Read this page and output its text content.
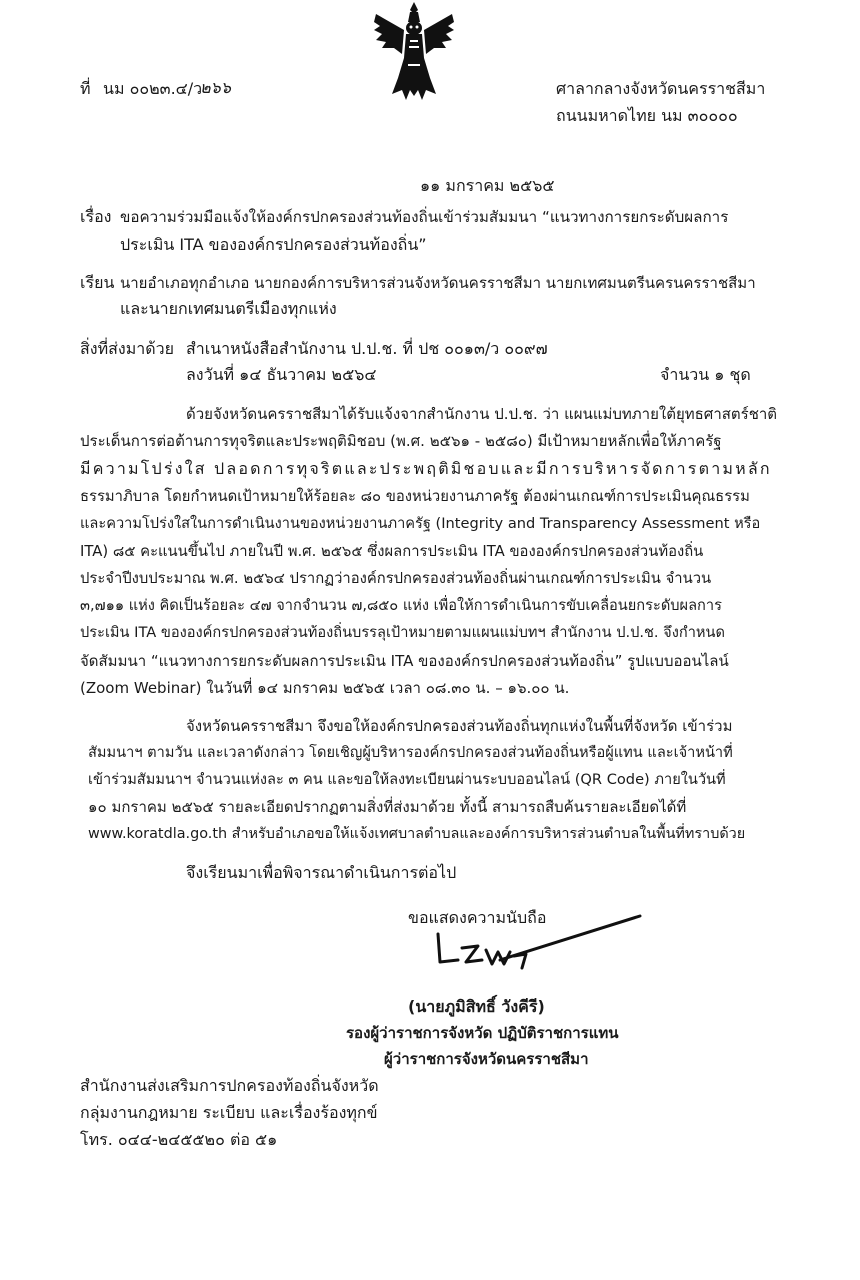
ที่ นม ๐๐๒๓.๔/ว
๒๖๖	ศาลากลางจังหวัดนครราชสีมา
ถนนมหาดไทย นม ๓๐๐๐๐
๑๑ มกราคม ๒๕๖๕
เรื่อง ขอความร่วมมือแจ้งให้องค์กรปกครองส่วนท้องถิ่นเข้าร่วมสัมมนา “แนวทางการยกระดับผลการ
ประเมิน ITA ขององค์กรปกครองส่วนท้องถิ่น”
เรียน นายอำเภอทุกอำเภอ นายกองค์การบริหารส่วนจังหวัดนครราชสีมา นายกเทศมนตรีนครนครราชสีมา
และนายกเทศมนตรีเมืองทุกแห่ง
สิ่งที่ส่งมาด้วย สำเนาหนังสือสำนักงาน ป.ป.ช. ที่ ปช ๐๐๑๓/ว ๐๐๙๗
ลงวันที่ ๑๔ ธันวาคม ๒๕๖๔	จำนวน ๑ ชุด
ด้วยจังหวัดนครราชสีมาได้รับแจ้งจากสำนักงาน ป.ป.ช. ว่า แผนแม่บทภายใต้ยุทธศาสตร์ชาติ
ประเด็นการต่อต้านการทุจริตและประพฤติมิชอบ (พ.ศ. ๒๕๖๑ - ๒๕๘๐) มีเป้าหมายหลักเพื่อให้ภาครัฐ
มีความโปร่งใส ปลอดการทุจริตและประพฤติมิชอบและมีการบริหารจัดการตามหลัก
ธรรมาภิบาล โดยกำหนดเป้าหมายให้ร้อยละ ๘๐ ของหน่วยงานภาครัฐ ต้องผ่านเกณฑ์การประเมินคุณธรรม
และความโปร่งใสในการดำเนินงานของหน่วยงานภาครัฐ (Integrity and Transparency Assessment หรือ
ITA) ๘๕ คะแนนขึ้นไป ภายในปี พ.ศ. ๒๕๖๕ ซึ่งผลการประเมิน ITA ขององค์กรปกครองส่วนท้องถิ่น
ประจำปีงบประมาณ พ.ศ. ๒๕๖๔ ปรากฏว่าองค์กรปกครองส่วนท้องถิ่นผ่านเกณฑ์การประเมิน จำนวน
๓,๗๑๑ แห่ง คิดเป็นร้อยละ ๔๗ จากจำนวน ๗,๘๕๐ แห่ง เพื่อให้การดำเนินการขับเคลื่อนยกระดับผลการ
ประเมิน ITA ขององค์กรปกครองส่วนท้องถิ่นบรรลุเป้าหมายตามแผนแม่บทฯ สำนักงาน ป.ป.ช. จึงกำหนด
จัดสัมมนา “แนวทางการยกระดับผลการประเมิน ITA ขององค์กรปกครองส่วนท้องถิ่น” รูปแบบออนไลน์
(Zoom Webinar) ในวันที่ ๑๔ มกราคม ๒๕๖๕ เวลา ๐๘.๓๐ น. – ๑๖.๐๐ น.
จังหวัดนครราชสีมา จึงขอให้องค์กรปกครองส่วนท้องถิ่นทุกแห่งในพื้นที่จังหวัด เข้าร่วม
สัมมนาฯ ตามวัน และเวลาดังกล่าว โดยเชิญผู้บริหารองค์กรปกครองส่วนท้องถิ่นหรือผู้แทน และเจ้าหน้าที่
เข้าร่วมสัมมนาฯ จำนวนแห่งละ ๓ คน และขอให้ลงทะเบียนผ่านระบบออนไลน์ (QR Code) ภายในวันที่
๑๐ มกราคม ๒๕๖๕ รายละเอียดปรากฏตามสิ่งที่ส่งมาด้วย ทั้งนี้ สามารถสืบค้นรายละเอียดได้ที่
www.koratdla.go.th สำหรับอำเภอขอให้แจ้งเทศบาลตำบลและองค์การบริหารส่วนตำบลในพื้นที่ทราบด้วย
จึงเรียนมาเพื่อพิจารณาดำเนินการต่อไป
ขอแสดงความนับถือ
(นายภูมิสิทธิ์ วังคีรี)
รองผู้ว่าราชการจังหวัด ปฏิบัติราชการแทน
ผู้ว่าราชการจังหวัดนครราชสีมา
สำนักงานส่งเสริมการปกครองท้องถิ่นจังหวัด
กลุ่มงานกฎหมาย ระเบียบ และเรื่องร้องทุกข์
โทร. ๐๔๔-๒๔๕๕๒๐ ต่อ ๕๑
